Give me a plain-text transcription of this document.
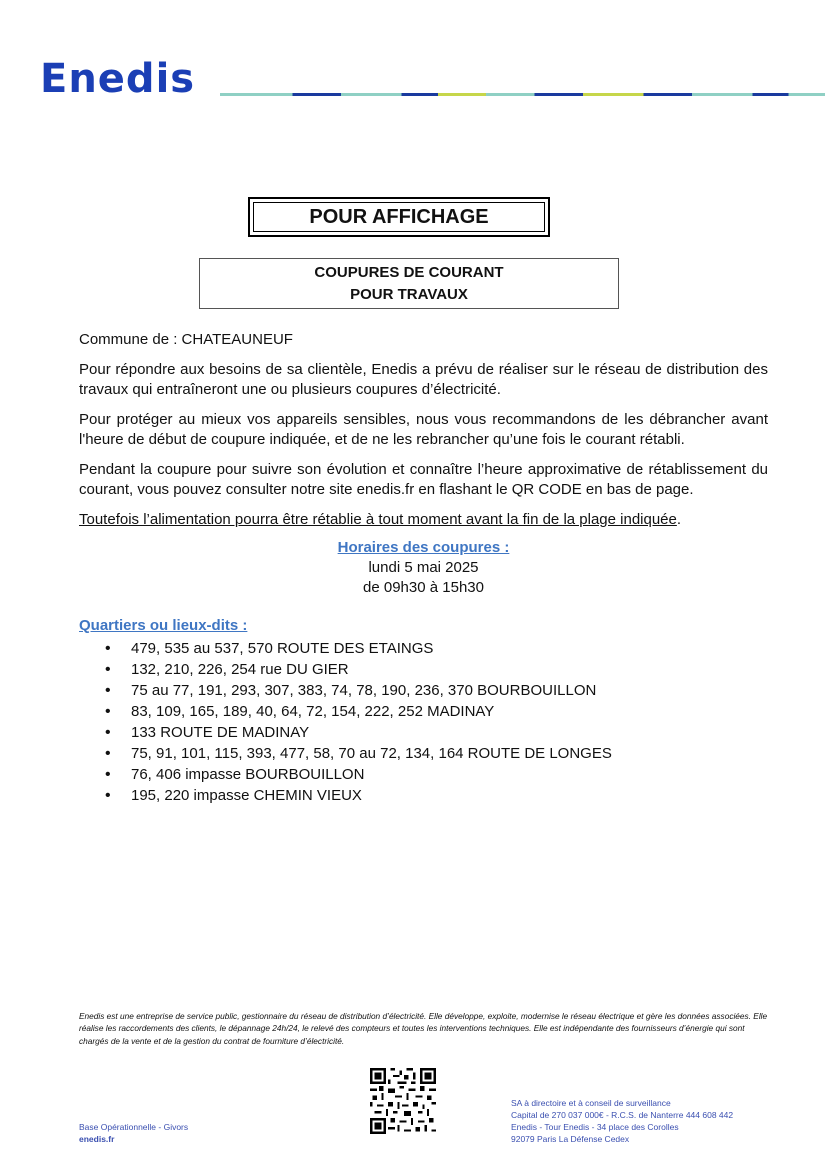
Enedis
POUR AFFICHAGE
COUPURES DE COURANT
POUR TRAVAUX

Commune de : CHATEAUNEUF

Pour répondre aux besoins de sa clientèle, Enedis a prévu de réaliser sur le réseau de distribution des travaux qui entraîneront une ou plusieurs coupures d’électricité.

Pour protéger au mieux vos appareils sensibles, nous vous recommandons de les débrancher avant l'heure de début de coupure indiquée, et de ne les rebrancher qu’une fois le courant rétabli.

Pendant la coupure pour suivre son évolution et connaître l’heure approximative de rétablissement du courant, vous pouvez consulter notre site enedis.fr en flashant le QR CODE en bas de page.

Toutefois l’alimentation pourra être rétablie à tout moment avant la fin de la plage indiquée.

Horaires des coupures :
lundi 5 mai 2025
de 09h30 à 15h30
Quartiers ou lieux-dits :
• 479, 535 au 537, 570 ROUTE DES ETAINGS
• 132, 210, 226, 254 rue DU GIER
• 75 au 77, 191, 293, 307, 383, 74, 78, 190, 236, 370 BOURBOUILLON
• 83, 109, 165, 189, 40, 64, 72, 154, 222, 252 MADINAY
• 133 ROUTE DE MADINAY
• 75, 91, 101, 115, 393, 477, 58, 70 au 72, 134, 164 ROUTE DE LONGES
• 76, 406 impasse BOURBOUILLON
• 195, 220 impasse CHEMIN VIEUX
Enedis est une entreprise de service public, gestionnaire du réseau de distribution d’électricité. Elle développe, exploite, modernise le réseau électrique et gère les données associées. Elle réalise les raccordements des clients, le dépannage 24h/24, le relevé des compteurs et toutes les interventions techniques. Elle est indépendante des fournisseurs d’énergie qui sont chargés de la vente et de la gestion du contrat de fourniture d’électricité.
Base Opérationnelle - Givors
enedis.fr
SA à directoire et à conseil de surveillance
Capital de 270 037 000€ - R.C.S. de Nanterre 444 608 442
Enedis - Tour Enedis - 34 place des Corolles
92079 Paris La Défense Cedex
